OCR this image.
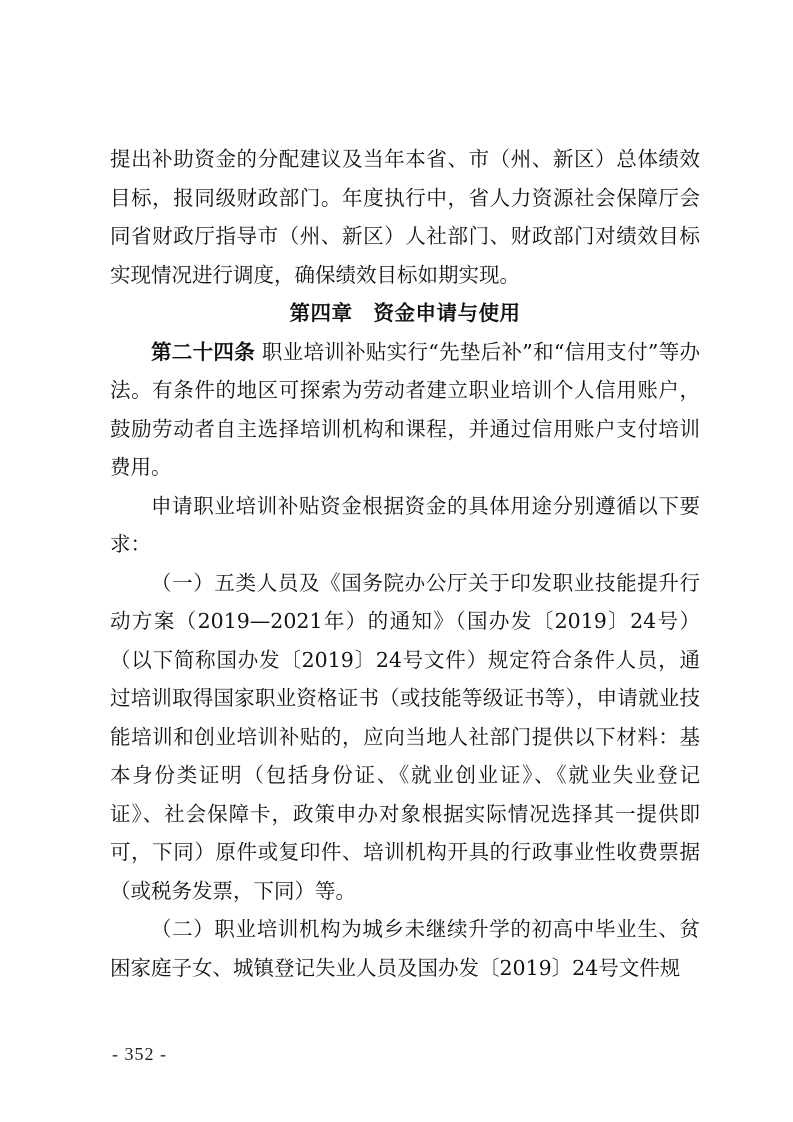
提出补助资金的分配建议及当年本省、市（州、新区）总体绩效目标，报同级财政部门。年度执行中，省人力资源社会保障厅会同省财政厅指导市（州、新区）人社部门、财政部门对绩效目标实现情况进行调度，确保绩效目标如期实现。

第四章　资金申请与使用

第二十四条 职业培训补贴实行“先垫后补”和“信用支付”等办法。有条件的地区可探索为劳动者建立职业培训个人信用账户，鼓励劳动者自主选择培训机构和课程，并通过信用账户支付培训费用。

申请职业培训补贴资金根据资金的具体用途分别遵循以下要求：

（一）五类人员及《国务院办公厅关于印发职业技能提升行动方案（2019—2021年）的通知》（国办发〔2019〕24号）（以下简称国办发〔2019〕24号文件）规定符合条件人员，通过培训取得国家职业资格证书（或技能等级证书等），申请就业技能培训和创业培训补贴的，应向当地人社部门提供以下材料：基本身份类证明（包括身份证、《就业创业证》、《就业失业登记证》、社会保障卡，政策申办对象根据实际情况选择其一提供即可，下同）原件或复印件、培训机构开具的行政事业性收费票据（或税务发票，下同）等。

（二）职业培训机构为城乡未继续升学的初高中毕业生、贫困家庭子女、城镇登记失业人员及国办发〔2019〕24号文件规

- 352 -
